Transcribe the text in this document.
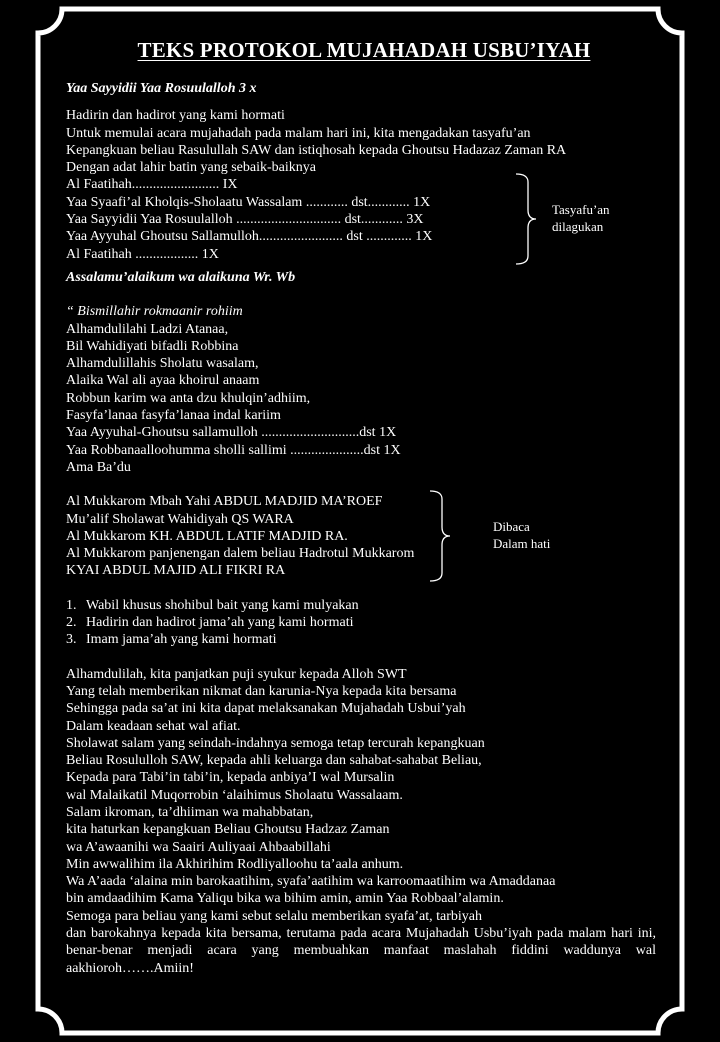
TEKS PROTOKOL MUJAHADAH USBU’IYAH
Yaa Sayyidii Yaa Rosuulalloh 3 x
Hadirin dan hadirot yang kami hormati
Untuk memulai acara mujahadah pada malam hari ini, kita mengadakan tasyafu’an
Kepangkuan beliau Rasulullah SAW dan istiqhosah kepada Ghoutsu Hadazaz Zaman RA
Dengan adat lahir batin yang sebaik-baiknya
Al Faatihah......................... IX
Yaa Syaafi’al Kholqis-Sholaatu Wassalam ............ dst............ 1X
Yaa Sayyidii Yaa Rosuulalloh .............................. dst............ 3X
Yaa Ayyuhal Ghoutsu Sallamulloh........................ dst ............. 1X
Al Faatihah .................. 1X
Tasyafu’an
dilagukan
Assalamu’alaikum wa alaikuna Wr. Wb
“ Bismillahir rokmaanir rohiim
Alhamdulilahi Ladzi Atanaa,
Bil Wahidiyati bifadli Robbina
Alhamdulillahis Sholatu wasalam,
Alaika Wal ali ayaa khoirul anaam
Robbun karim wa anta dzu khulqin’adhiim,
Fasyfa’lanaa fasyfa’lanaa indal kariim
Yaa Ayyuhal-Ghoutsu sallamulloh ............................dst 1X
Yaa Robbanaalloohumma sholli sallimi .....................dst 1X
Ama Ba’du
Al Mukkarom Mbah Yahi ABDUL MADJID MA’ROEF
Mu’alif Sholawat Wahidiyah QS WARA
Al Mukkarom KH. ABDUL LATIF MADJID RA.
Al Mukkarom panjenengan dalem beliau Hadrotul Mukkarom
KYAI ABDUL MAJID ALI FIKRI RA
Dibaca
Dalam hati
1. Wabil khusus shohibul bait yang kami mulyakan
2. Hadirin dan hadirot jama’ah yang kami hormati
3. Imam jama’ah yang kami hormati
Alhamdulilah, kita panjatkan puji syukur kepada Alloh SWT
Yang telah memberikan nikmat dan karunia-Nya kepada kita bersama
Sehingga pada sa’at ini kita dapat melaksanakan Mujahadah Usbui’yah
Dalam keadaan sehat wal afiat.
Sholawat salam yang seindah-indahnya semoga tetap tercurah kepangkuan
Beliau Rosululloh SAW, kepada ahli keluarga dan sahabat-sahabat Beliau,
Kepada para Tabi’in tabi’in, kepada anbiya’I wal Mursalin
wal Malaikatil Muqorrobin ‘alaihimus Sholaatu Wassalaam.
Salam ikroman, ta’dhiiman wa mahabbatan,
kita haturkan kepangkuan Beliau Ghoutsu Hadzaz Zaman
wa A’awaanihi wa Saairi Auliyaai Ahbaabillahi
Min awwalihim ila Akhirihim Rodliyalloohu ta’aala anhum.
Wa A’aada ‘alaina min barokaatihim, syafa’aatihim wa karroomaatihim wa Amaddanaa
bin amdaadihim Kama Yaliqu bika wa bihim amin, amin Yaa Robbaal’alamin.
Semoga para beliau yang kami sebut selalu memberikan syafa’at, tarbiyah
dan barokahnya kepada kita bersama, terutama pada acara Mujahadah Usbu’iyah pada malam hari ini, benar-benar menjadi acara yang membuahkan manfaat maslahah fiddini waddunya wal aakhioroh…….Amiin!
